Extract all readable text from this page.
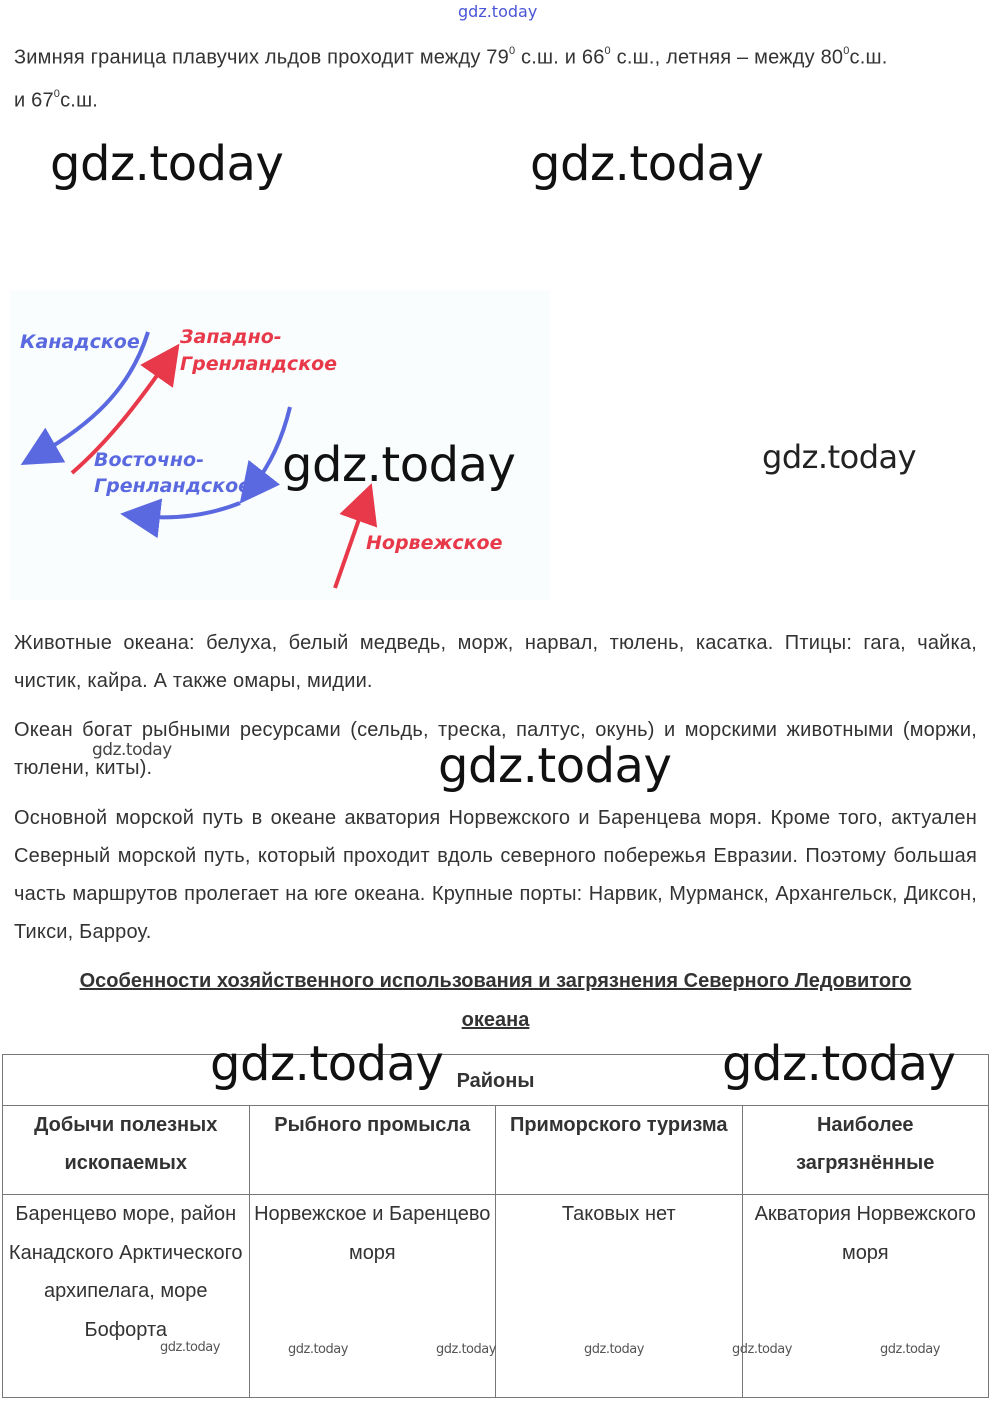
gdz.today
Зимняя граница плавучих льдов проходит между $79^0$ с.ш. и $66^0$ с.ш., летняя – между $80^0с.ш$.
и $67^0с.ш$.
gdz.today	gdz.today
Канадское Западно-
Гренландское
Восточно-
Гренландское
Норвежское
gdz.today	gdz.today
Животные океана: белуха, белый медведь, морж, нарвал, тюлень, касатка. Птицы: гага, чайка, чистик, кайра. А также омары, мидии.
Океан богат рыбными ресурсами (сельдь, треска, палтус, окунь) и морскими животными (моржи, тюлени, киты).
gdz.today	gdz.today
Основной морской путь в океане акватория Норвежского и Баренцева моря. Кроме того, актуален Северный морской путь, который проходит вдоль северного побережья Евразии. Поэтому большая часть маршрутов пролегает на юге океана. Крупные порты: Нарвик, Мурманск, Архангельск, Диксон, Тикси, Барроу.
Особенности хозяйственного использования и загрязнения Северного Ледовитого
океана
Районы			
Добычи полезных ископаемых	Рыбного промысла	Приморского туризма	Наиболее загрязнённые
Баренцево море, район Канадского Арктического архипелага, море Бофорта	Норвежское и Баренцево моря	Таковых нет	Акватория Норвежского моря
gdz.today	gdz.today
gdz.today	gdz.today	gdz.today	gdz.today	gdz.today	gdz.today
